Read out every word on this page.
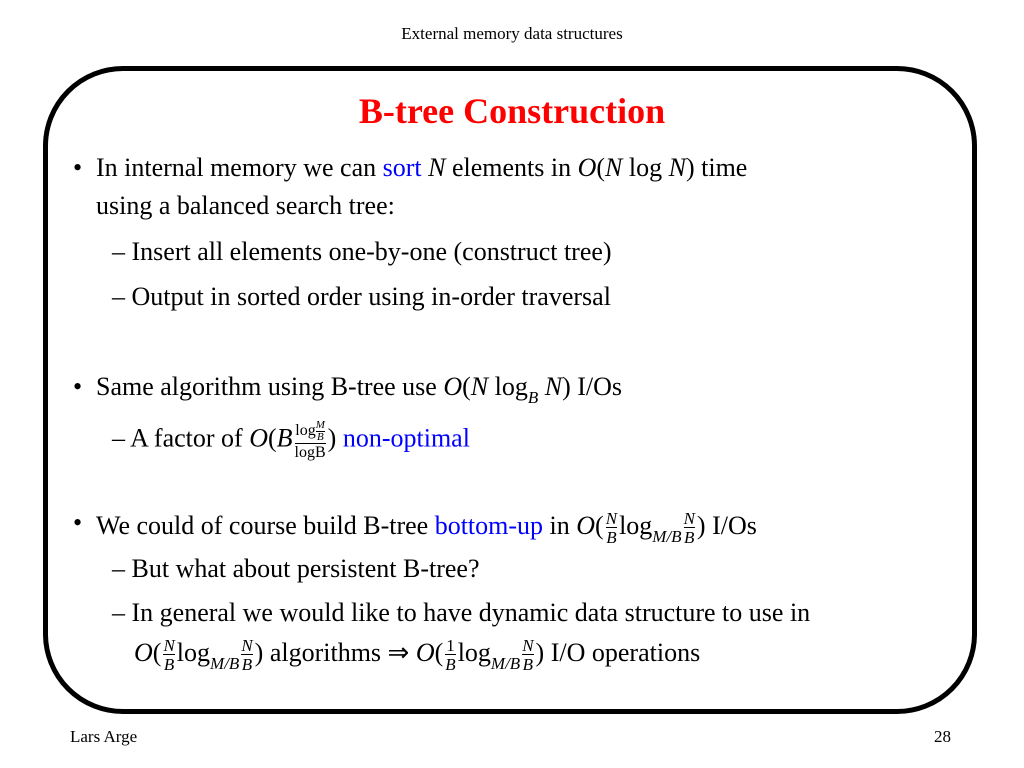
External memory data structures
B-tree Construction
• In internal memory we can sort N elements in O(N log N) time
using a balanced search tree:
– Insert all elements one-by-one (construct tree)
– Output in sorted order using in-order traversal
• Same algorithm using B-tree use O(N $\log_B N$) I/Os
– A factor of $O(B \frac{\log \frac{M}{B}}{\log B}$ ) non-optimal
• We could of course build B-tree bottom-up in $O( \frac{N}{B} \log_{M/B} \frac{N}{B}$ ) I/Os
– But what about persistent B-tree?
– In general we would like to have dynamic data structure to use in
$O( \frac{N}{B} \log_{M/B} \frac{N}{B}$ ) algorithms ⇒ $O( \frac{1}{B} \log_{M/B} \frac{N}{B}$ ) I/O operations
Lars Arge	28
